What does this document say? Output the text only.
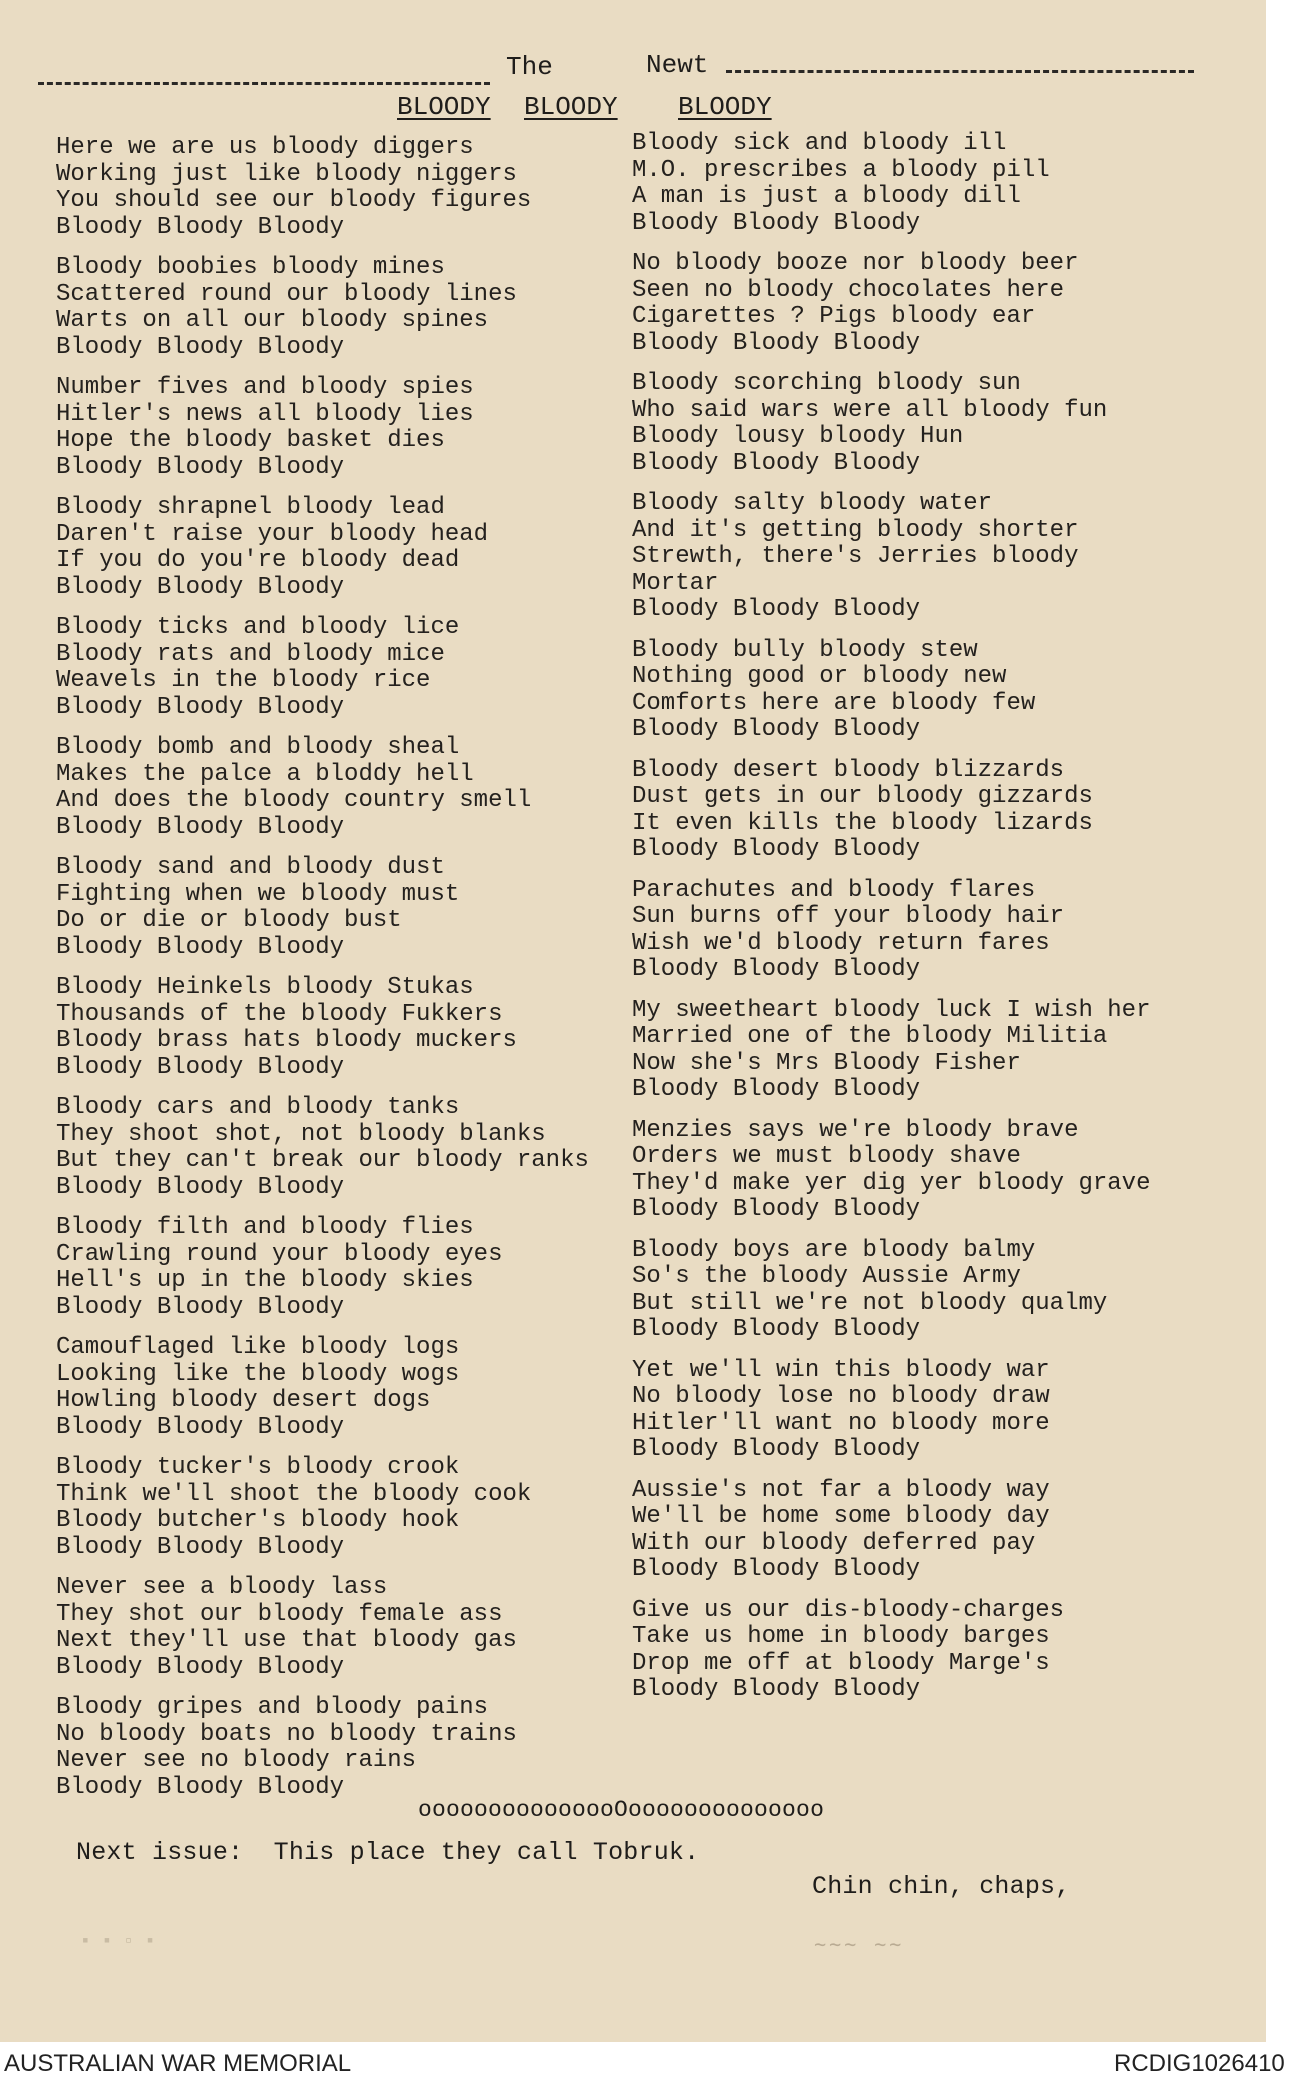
The	Newt
BLOODY BLOODY BLOODY
Here we are us bloody diggers
Working just like bloody niggers
You should see our bloody figures
Bloody Bloody Bloody
Bloody boobies bloody mines
Scattered round our bloody lines
Warts on all our bloody spines
Bloody Bloody Bloody
Number fives and bloody spies
Hitler's news all bloody lies
Hope the bloody basket dies
Bloody Bloody Bloody
Bloody shrapnel bloody lead
Daren't raise your bloody head
If you do you're bloody dead
Bloody Bloody Bloody
Bloody ticks and bloody lice
Bloody rats and bloody mice
Weavels in the bloody rice
Bloody Bloody Bloody
Bloody bomb and bloody sheal
Makes the palce a bloddy hell
And does the bloody country smell
Bloody Bloody Bloody
Bloody sand and bloody dust
Fighting when we bloody must
Do or die or bloody bust
Bloody Bloody Bloody
Bloody Heinkels bloody Stukas
Thousands of the bloody Fukkers
Bloody brass hats bloody muckers
Bloody Bloody Bloody
Bloody cars and bloody tanks
They shoot shot, not bloody blanks
But they can't break our bloody ranks
Bloody Bloody Bloody
Bloody filth and bloody flies
Crawling round your bloody eyes
Hell's up in the bloody skies
Bloody Bloody Bloody
Camouflaged like bloody logs
Looking like the bloody wogs
Howling bloody desert dogs
Bloody Bloody Bloody
Bloody tucker's bloody crook
Think we'll shoot the bloody cook
Bloody butcher's bloody hook
Bloody Bloody Bloody
Never see a bloody lass
They shot our bloody female ass
Next they'll use that bloody gas
Bloody Bloody Bloody
Bloody gripes and bloody pains
No bloody boats no bloody trains
Never see no bloody rains
Bloody Bloody Bloody
Bloody sick and bloody ill
M.O. prescribes a bloody pill
A man is just a bloody dill
Bloody Bloody Bloody
No bloody booze nor bloody beer
Seen no bloody chocolates here
Cigarettes ? Pigs bloody ear
Bloody Bloody Bloody
Bloody scorching bloody sun
Who said wars were all bloody fun
Bloody lousy bloody Hun
Bloody Bloody Bloody
Bloody salty bloody water
And it's getting bloody shorter
Strewth, there's Jerries bloody
Mortar
Bloody Bloody Bloody
Bloody bully bloody stew
Nothing good or bloody new
Comforts here are bloody few
Bloody Bloody Bloody
Bloody desert bloody blizzards
Dust gets in our bloody gizzards
It even kills the bloody lizards
Bloody Bloody Bloody
Parachutes and bloody flares
Sun burns off your bloody hair
Wish we'd bloody return fares
Bloody Bloody Bloody
My sweetheart bloody luck I wish her
Married one of the bloody Militia
Now she's Mrs Bloody Fisher
Bloody Bloody Bloody
Menzies says we're bloody brave
Orders we must bloody shave
They'd make yer dig yer bloody grave
Bloody Bloody Bloody
Bloody boys are bloody balmy
So's the bloody Aussie Army
But still we're not bloody qualmy
Bloody Bloody Bloody
Yet we'll win this bloody war
No bloody lose no bloody draw
Hitler'll want no bloody more
Bloody Bloody Bloody
Aussie's not far a bloody way
We'll be home some bloody day
With our bloody deferred pay
Bloody Bloody Bloody
Give us our dis-bloody-charges
Take us home in bloody barges
Drop me off at bloody Marge's
Bloody Bloody Bloody
ooooooooooooooOoooooooooooooo
Next issue:  This place they call Tobruk.
Chin chin, chaps,
▪ ▪ ▫ ▪	∼∼∼ ∼∼
AUSTRALIAN WAR MEMORIAL	RCDIG1026410
